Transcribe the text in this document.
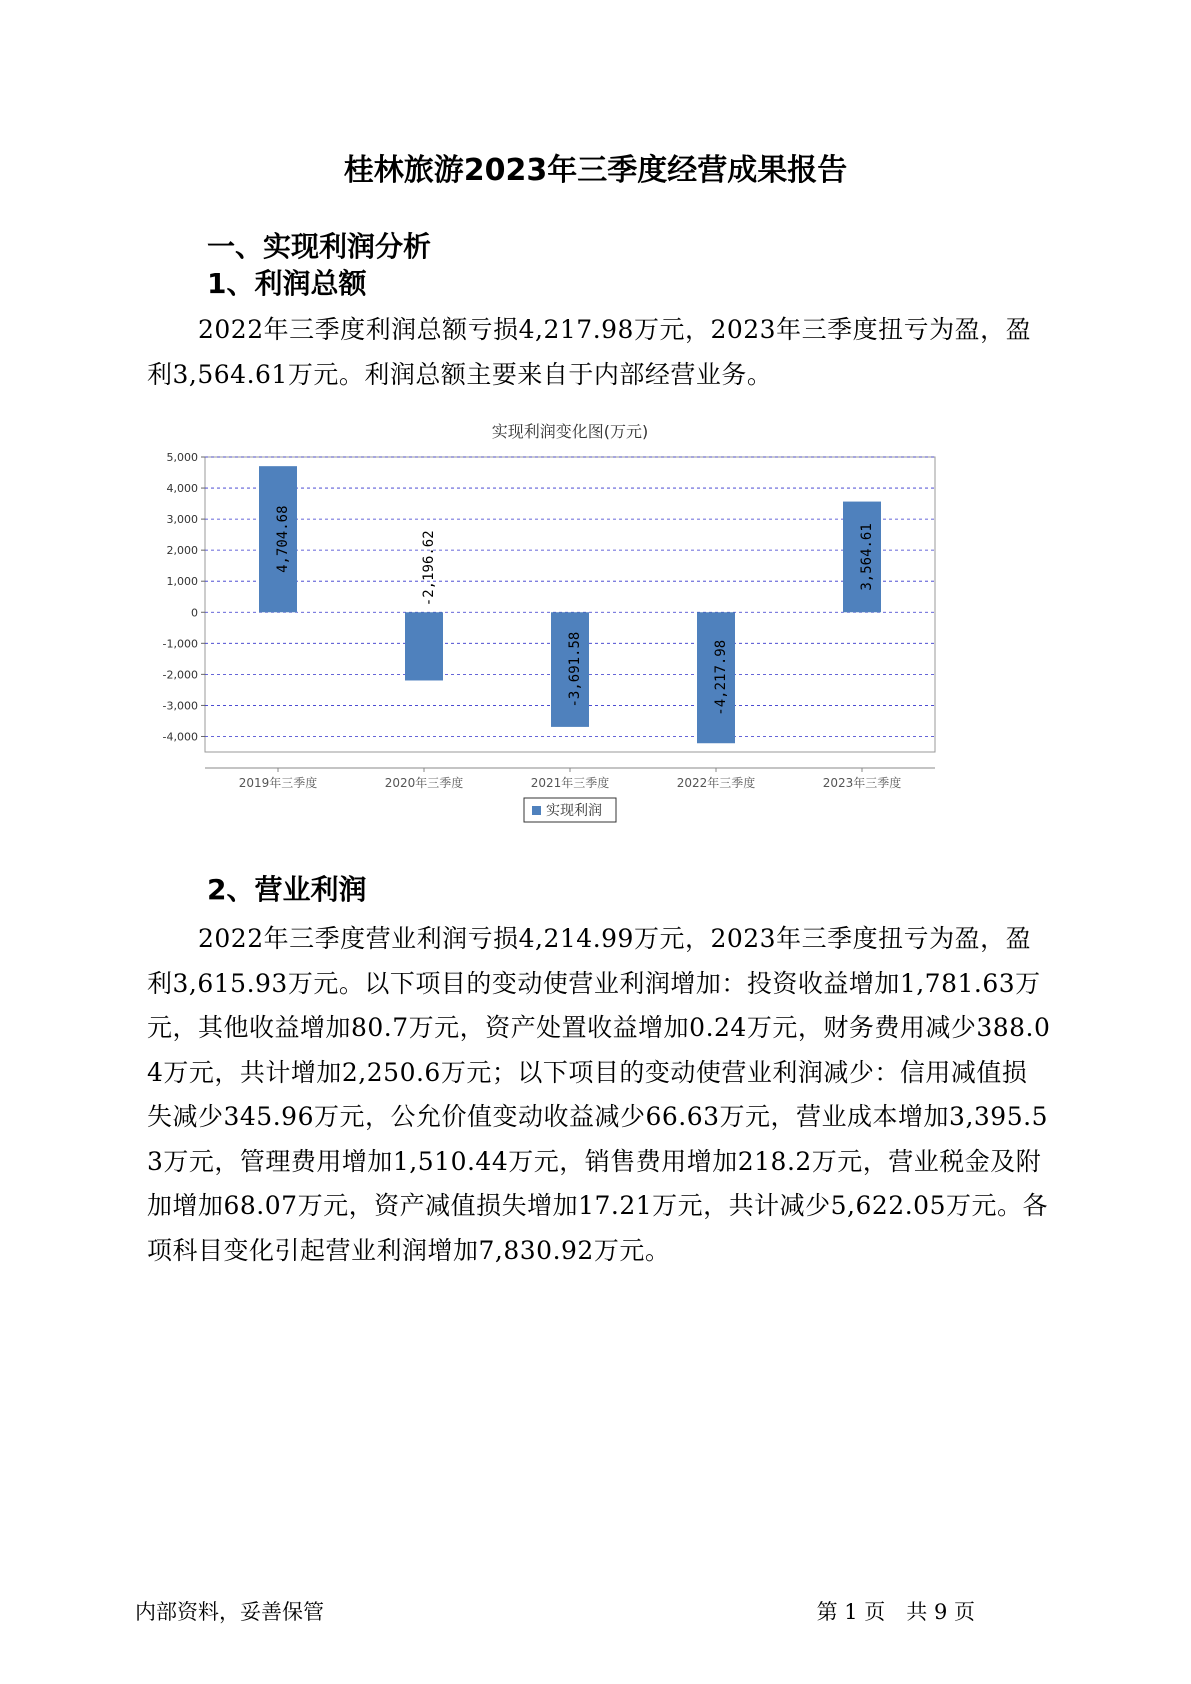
桂林旅游2023年三季度经营成果报告
一、实现利润分析
1、利润总额

2022年三季度利润总额亏损4,217.98万元，2023年三季度扭亏为盈，盈利3,564.61万元。利润总额主要来自于内部经营业务。

实现利润变化图(万元)
5,000
4,000
3,000
2,000
1,000
0
-1,000
-2,000
-3,000
-4,000
4,704.68
2019年三季度
-2,196.62
2020年三季度
-3,691.58
2021年三季度
-4,217.98
2022年三季度
3,564.61
2023年三季度
实现利润
2、营业利润

2022年三季度营业利润亏损4,214.99万元，2023年三季度扭亏为盈，盈利3,615.93万元。以下项目的变动使营业利润增加：投资收益增加1,781.63万元，其他收益增加80.7万元，资产处置收益增加0.24万元，财务费用减少388.04万元，共计增加2,250.6万元；以下项目的变动使营业利润减少：信用减值损失减少345.96万元，公允价值变动收益减少66.63万元，营业成本增加3,395.53万元，管理费用增加1,510.44万元，销售费用增加218.2万元，营业税金及附加增加68.07万元，资产减值损失增加17.21万元，共计减少5,622.05万元。各项科目变化引起营业利润增加7,830.92万元。

内部资料，妥善保管	第 1 页　共 9 页
